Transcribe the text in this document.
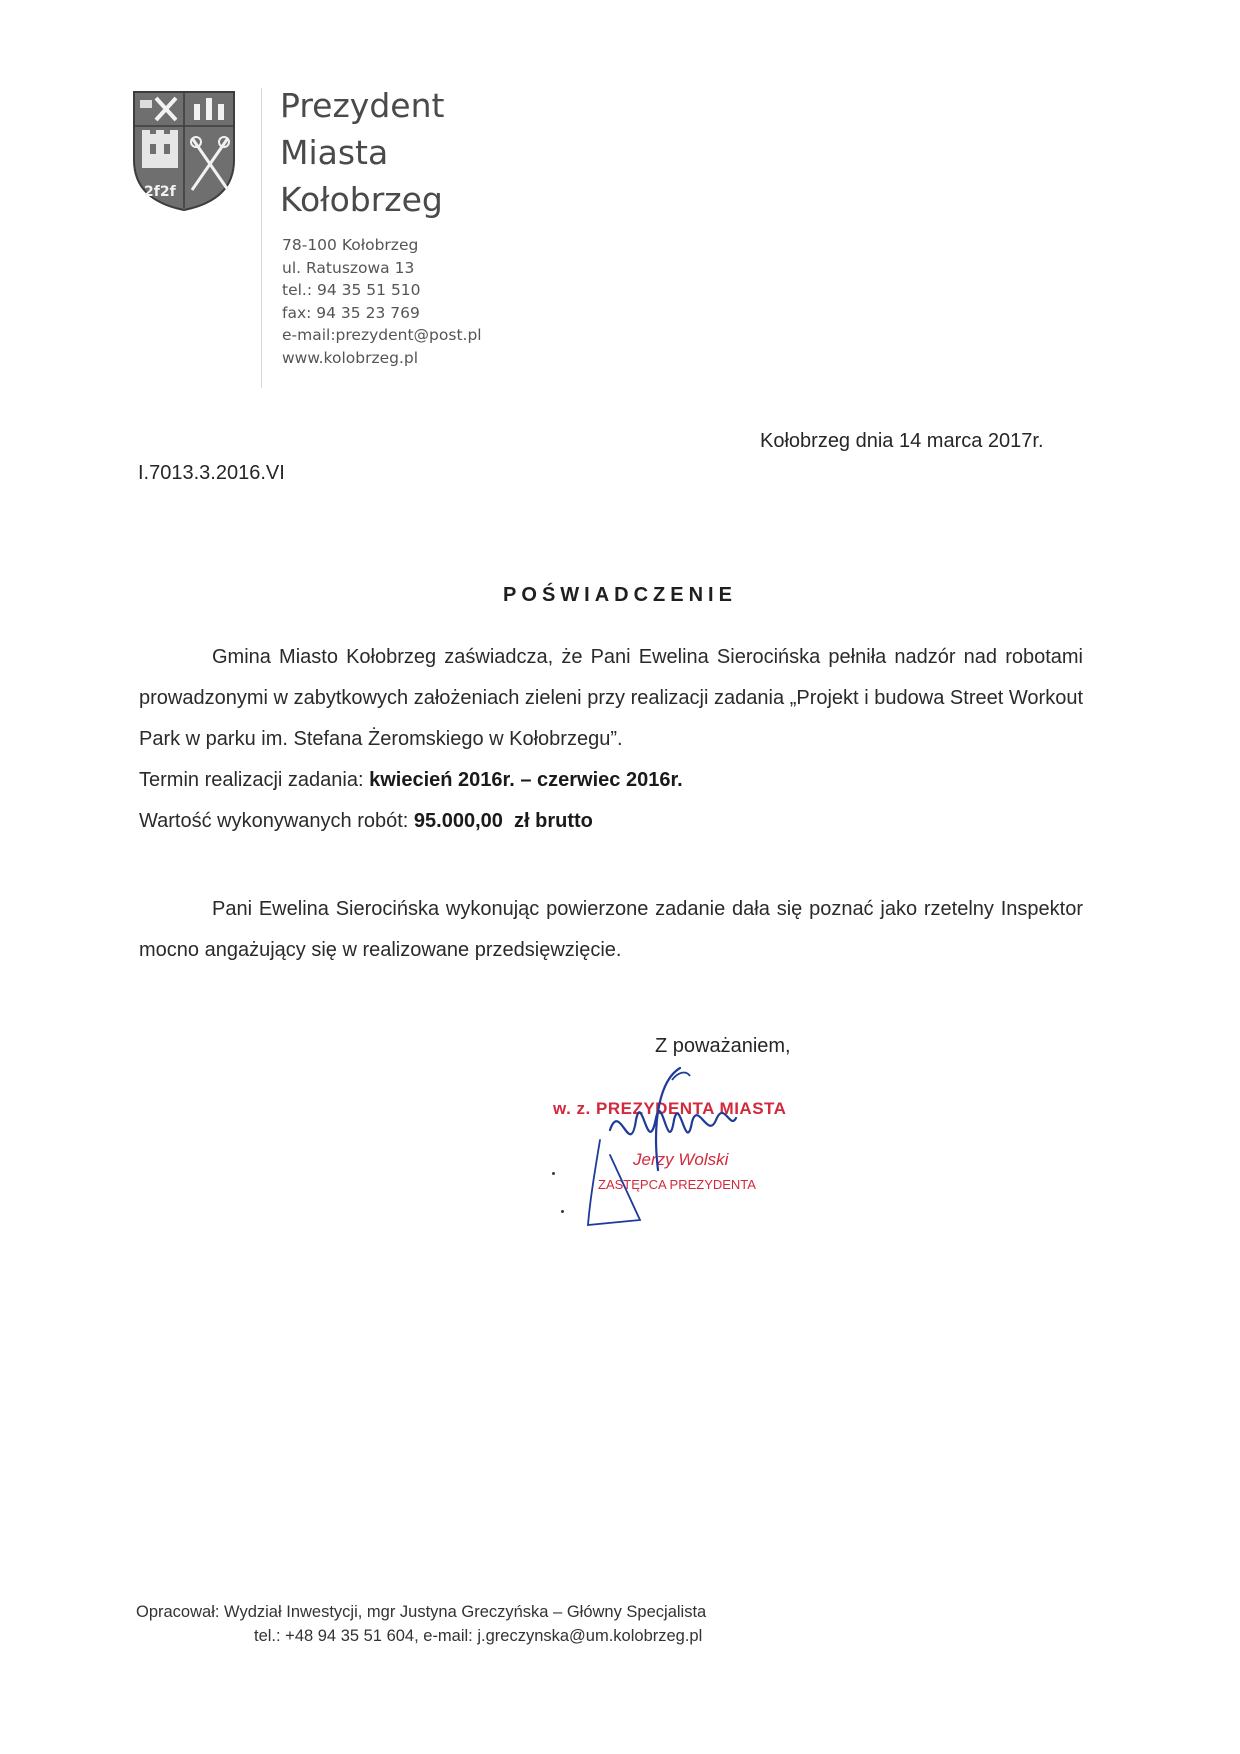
2f2f
Prezydent
Miasta
Kołobrzeg
78-100 Kołobrzeg
ul. Ratuszowa 13
tel.: 94 35 51 510
fax: 94 35 23 769
e-mail:prezydent@post.pl
www.kolobrzeg.pl
Kołobrzeg dnia 14 marca 2017r.
I.7013.3.2016.VI
POŚWIADCZENIE
Gmina Miasto Kołobrzeg zaświadcza, że Pani Ewelina Sierocińska pełniła nadzór nad robotami prowadzonymi w zabytkowych założeniach zieleni przy realizacji zadania „Projekt i budowa Street Workout Park w parku im. Stefana Żeromskiego w Kołobrzegu”.
Termin realizacji zadania: kwiecień 2016r. – czerwiec 2016r.
Wartość wykonywanych robót: 95.000,00  zł brutto
Pani Ewelina Sierocińska wykonując powierzone zadanie dała się poznać jako rzetelny Inspektor mocno angażujący się w realizowane przedsięwzięcie.
Z poważaniem,
w. z. PREZYDENTA MIASTA
Jerzy Wolski
ZASTĘPCA PREZYDENTA
Opracował: Wydział Inwestycji, mgr Justyna Greczyńska – Główny Specjalista
tel.: +48 94 35 51 604, e-mail: j.greczynska@um.kolobrzeg.pl
